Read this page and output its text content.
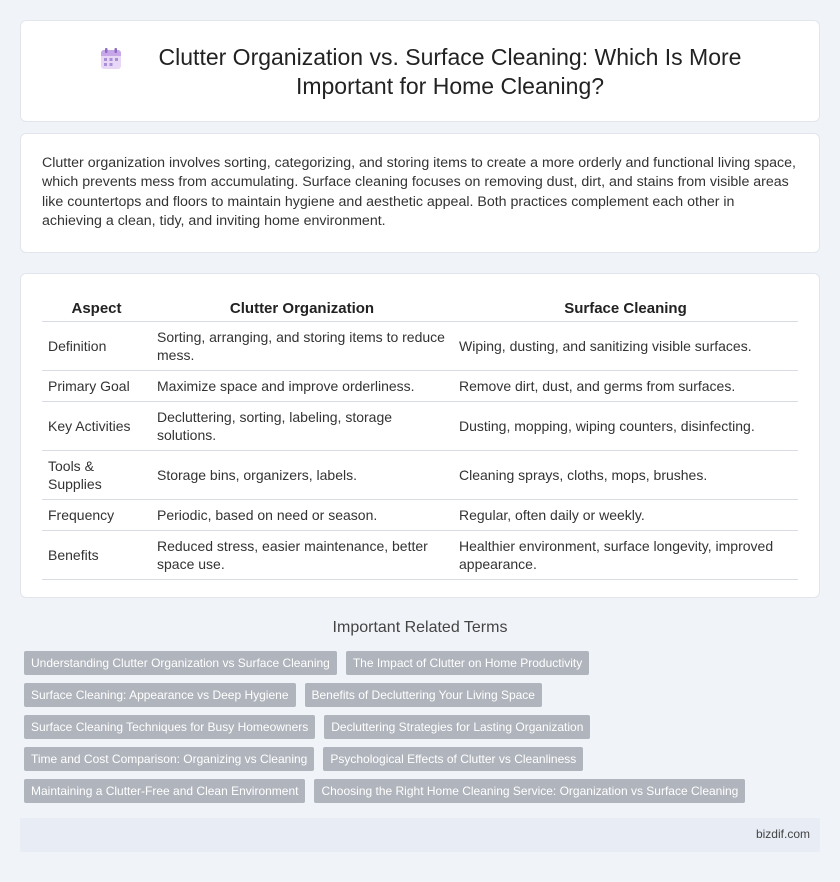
Clutter Organization vs. Surface Cleaning: Which Is More Important for Home Cleaning?

Clutter organization involves sorting, categorizing, and storing items to create a more orderly and functional living space, which prevents mess from accumulating. Surface cleaning focuses on removing dust, dirt, and stains from visible areas like countertops and floors to maintain hygiene and aesthetic appeal. Both practices complement each other in achieving a clean, tidy, and inviting home environment.

Aspect	Clutter Organization	Surface Cleaning
Definition	Sorting, arranging, and storing items to reduce mess.	Wiping, dusting, and sanitizing visible surfaces.
Primary Goal	Maximize space and improve orderliness.	Remove dirt, dust, and germs from surfaces.
Key Activities	Decluttering, sorting, labeling, storage solutions.	Dusting, mopping, wiping counters, disinfecting.
Tools & Supplies	Storage bins, organizers, labels.	Cleaning sprays, cloths, mops, brushes.
Frequency	Periodic, based on need or season.	Regular, often daily or weekly.
Benefits	Reduced stress, easier maintenance, better space use.	Healthier environment, surface longevity, improved appearance.
Important Related Terms
Understanding Clutter Organization vs Surface Cleaning	The Impact of Clutter on Home Productivity
Surface Cleaning: Appearance vs Deep Hygiene	Benefits of Decluttering Your Living Space
Surface Cleaning Techniques for Busy Homeowners	Decluttering Strategies for Lasting Organization
Time and Cost Comparison: Organizing vs Cleaning	Psychological Effects of Clutter vs Cleanliness
Maintaining a Clutter-Free and Clean Environment	Choosing the Right Home Cleaning Service: Organization vs Surface Cleaning
bizdif.com
